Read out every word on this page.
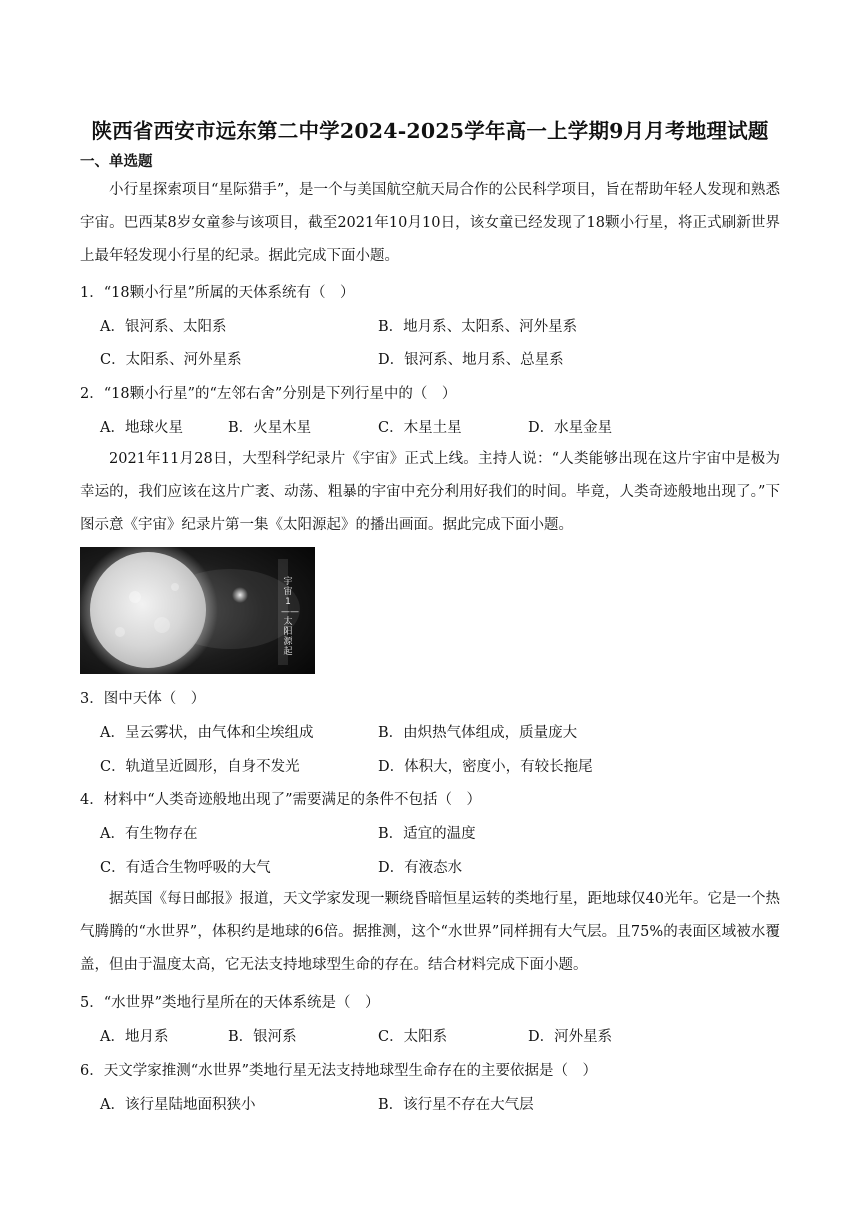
陕西省西安市远东第二中学2024-2025学年高一上学期9月月考地理试题
一、单选题
小行星探索项目“星际猎手”，是一个与美国航空航天局合作的公民科学项目，旨在帮助年轻人发现和熟悉宇宙。巴西某8岁女童参与该项目，截至2021年10月10日，该女童已经发现了18颗小行星，将正式刷新世界上最年轻发现小行星的纪录。据此完成下面小题。
1．“18颗小行星”所属的天体系统有（　）
A．银河系、太阳系	B．地月系、太阳系、河外星系
C．太阳系、河外星系	D．银河系、地月系、总星系
2．“18颗小行星”的“左邻右舍”分别是下列行星中的（　）
A．地球火星	B．火星木星	C．木星土星	D．水星金星
2021年11月28日，大型科学纪录片《宇宙》正式上线。主持人说：“人类能够出现在这片宇宙中是极为幸运的，我们应该在这片广袤、动荡、粗暴的宇宙中充分利用好我们的时间。毕竟，人类奇迹般地出现了。”下图示意《宇宙》纪录片第一集《太阳源起》的播出画面。据此完成下面小题。
宇宙1——太阳源起
3．图中天体（　）
A．呈云雾状，由气体和尘埃组成	B．由炽热气体组成，质量庞大
C．轨道呈近圆形，自身不发光	D．体积大，密度小，有较长拖尾
4．材料中“人类奇迹般地出现了”需要满足的条件不包括（　）
A．有生物存在	B．适宜的温度
C．有适合生物呼吸的大气	D．有液态水
据英国《每日邮报》报道，天文学家发现一颗绕昏暗恒星运转的类地行星，距地球仅40光年。它是一个热气腾腾的“水世界”，体积约是地球的6倍。据推测，这个“水世界”同样拥有大气层。且75%的表面区域被水覆盖，但由于温度太高，它无法支持地球型生命的存在。结合材料完成下面小题。
5．“水世界”类地行星所在的天体系统是（　）
A．地月系	B．银河系	C．太阳系	D．河外星系
6．天文学家推测“水世界”类地行星无法支持地球型生命存在的主要依据是（　）
A．该行星陆地面积狭小	B．该行星不存在大气层
